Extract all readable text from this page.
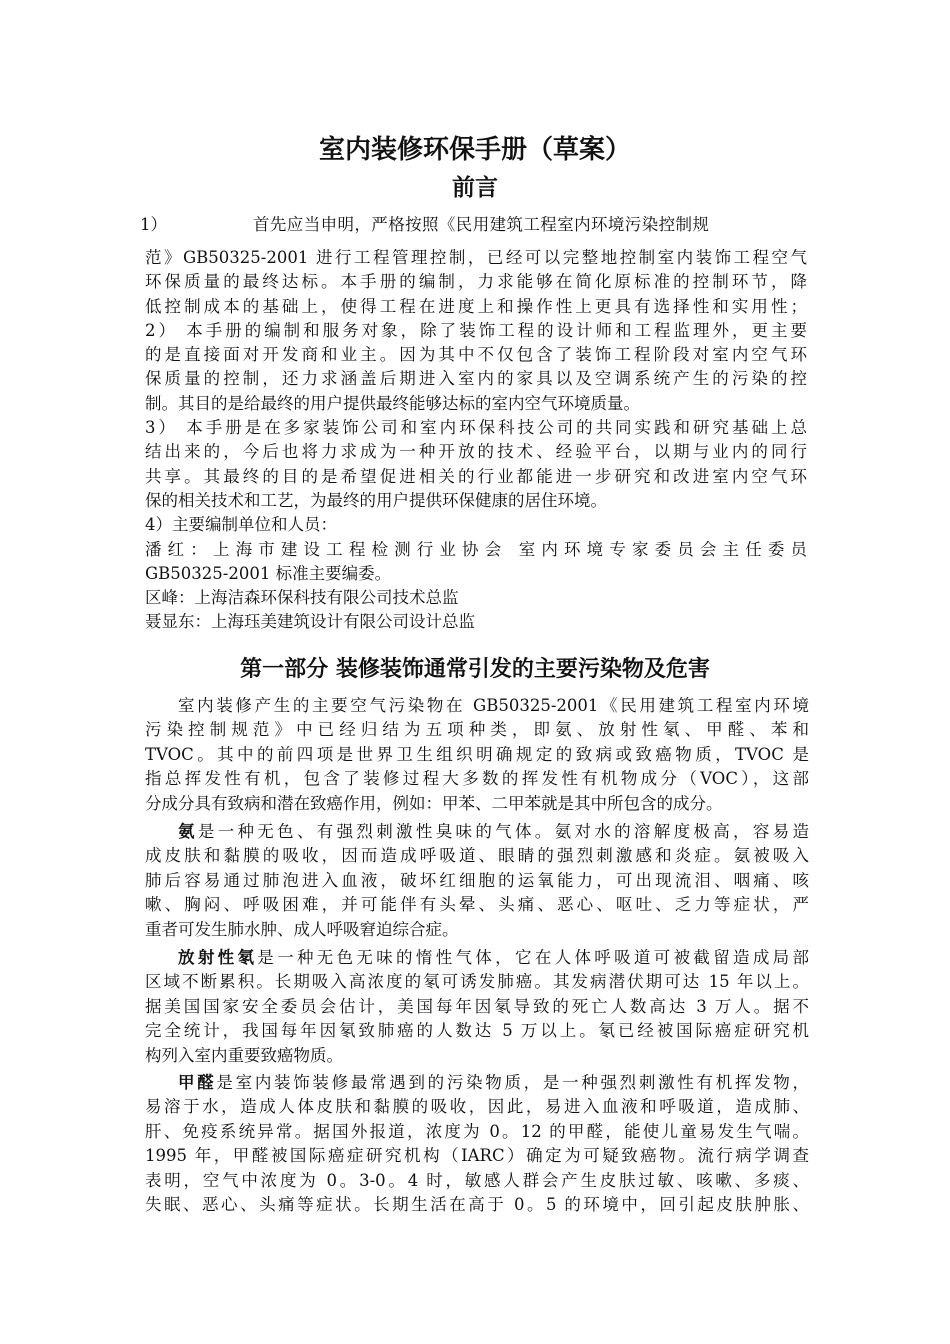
室内装修环保手册（草案）
前言
1）	首先应当申明，严格按照《民用建筑工程室内环境污染控制规
范》GB50325-2001 进行工程管理控制，已经可以完整地控制室内装饰工程空气
环保质量的最终达标。本手册的编制，力求能够在简化原标准的控制环节，降
低控制成本的基础上，使得工程在进度上和操作性上更具有选择性和实用性；
2） 本手册的编制和服务对象，除了装饰工程的设计师和工程监理外，更主要
的是直接面对开发商和业主。因为其中不仅包含了装饰工程阶段对室内空气环
保质量的控制，还力求涵盖后期进入室内的家具以及空调系统产生的污染的控
制。其目的是给最终的用户提供最终能够达标的室内空气环境质量。
3） 本手册是在多家装饰公司和室内环保科技公司的共同实践和研究基础上总
结出来的，今后也将力求成为一种开放的技术、经验平台，以期与业内的同行
共享。其最终的目的是希望促进相关的行业都能进一步研究和改进室内空气环
保的相关技术和工艺，为最终的用户提供环保健康的居住环境。
4）主要编制单位和人员：
潘红：上海市建设工程检测行业协会 室内环境专家委员会主任委员
GB50325-2001 标准主要编委。
区峰：上海洁森环保科技有限公司技术总监
聂显东：上海珏美建筑设计有限公司设计总监
第一部分 装修装饰通常引发的主要污染物及危害
室内装修产生的主要空气污染物在 GB50325-2001《民用建筑工程室内环境
污染控制规范》中已经归结为五项种类，即氨、放射性氡、甲醛、苯和
TVOC。其中的前四项是世界卫生组织明确规定的致病或致癌物质，TVOC 是
指总挥发性有机，包含了装修过程大多数的挥发性有机物成分（VOC），这部
分成分具有致病和潜在致癌作用，例如：甲苯、二甲苯就是其中所包含的成分。
氨是一种无色、有强烈刺激性臭味的气体。氨对水的溶解度极高，容易造
成皮肤和黏膜的吸收，因而造成呼吸道、眼睛的强烈刺激感和炎症。氨被吸入
肺后容易通过肺泡进入血液，破坏红细胞的运氧能力，可出现流泪、咽痛、咳
嗽、胸闷、呼吸困难，并可能伴有头晕、头痛、恶心、呕吐、乏力等症状，严
重者可发生肺水肿、成人呼吸窘迫综合症。
放射性氡是一种无色无味的惰性气体，它在人体呼吸道可被截留造成局部
区域不断累积。长期吸入高浓度的氡可诱发肺癌。其发病潜伏期可达 15 年以上。
据美国国家安全委员会估计，美国每年因氡导致的死亡人数高达 3 万人。据不
完全统计，我国每年因氡致肺癌的人数达 5 万以上。氡已经被国际癌症研究机
构列入室内重要致癌物质。
甲醛是室内装饰装修最常遇到的污染物质，是一种强烈刺激性有机挥发物，
易溶于水，造成人体皮肤和黏膜的吸收，因此，易进入血液和呼吸道，造成肺、
肝、免疫系统异常。据国外报道，浓度为 0。12 的甲醛，能使儿童易发生气喘。
1995 年，甲醛被国际癌症研究机构（IARC）确定为可疑致癌物。流行病学调查
表明，空气中浓度为 0。3-0。4 时，敏感人群会产生皮肤过敏、咳嗽、多痰、
失眠、恶心、头痛等症状。长期生活在高于 0。5 的环境中，回引起皮肤肿胀、
